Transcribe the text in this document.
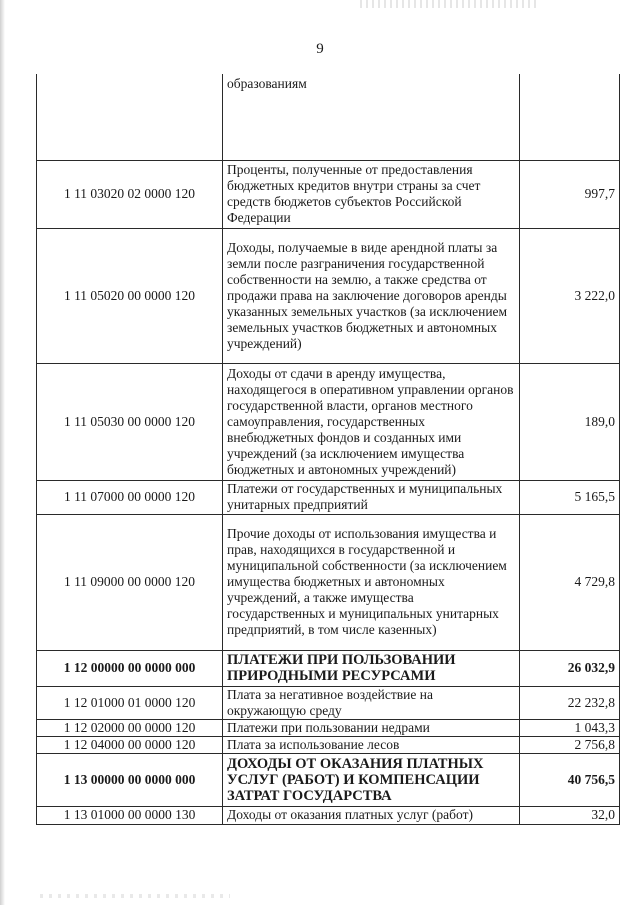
9
	образованиям	
1 11 03020 02 0000 120	Проценты, полученные от предоставления бюджетных кредитов внутри страны за счет средств бюджетов субъектов Российской Федерации	997,7
1 11 05020 00 0000 120	Доходы, получаемые в виде арендной платы за земли после разграничения государственной собственности на землю, а также средства от продажи права на заключение договоров аренды указанных земельных участков (за исключением земельных участков бюджетных и автономных учреждений)	3 222,0
1 11 05030 00 0000 120	Доходы от сдачи в аренду имущества, находящегося в оперативном управлении органов государственной власти, органов местного самоуправления, государственных внебюджетных фондов и созданных ими учреждений (за исключением имущества бюджетных и автономных учреждений)	189,0
1 11 07000 00 0000 120	Платежи от государственных и муниципальных унитарных предприятий	5 165,5
1 11 09000 00 0000 120	Прочие доходы от использования имущества и прав, находящихся в государственной и муниципальной собственности (за исключением имущества бюджетных и автономных учреждений, а также имущества государственных и муниципальных унитарных предприятий, в том числе казенных)	4 729,8
1 12 00000 00 0000 000	ПЛАТЕЖИ ПРИ ПОЛЬЗОВАНИИ ПРИРОДНЫМИ РЕСУРСАМИ	26 032,9
1 12 01000 01 0000 120	Плата за негативное воздействие на окружающую среду	22 232,8
1 12 02000 00 0000 120	Платежи при пользовании недрами	1 043,3
1 12 04000 00 0000 120	Плата за использование лесов	2 756,8
1 13 00000 00 0000 000	ДОХОДЫ ОТ ОКАЗАНИЯ ПЛАТНЫХ УСЛУГ (РАБОТ) И КОМПЕНСАЦИИ ЗАТРАТ ГОСУДАРСТВА	40 756,5
1 13 01000 00 0000 130	Доходы от оказания платных услуг (работ)	32,0
